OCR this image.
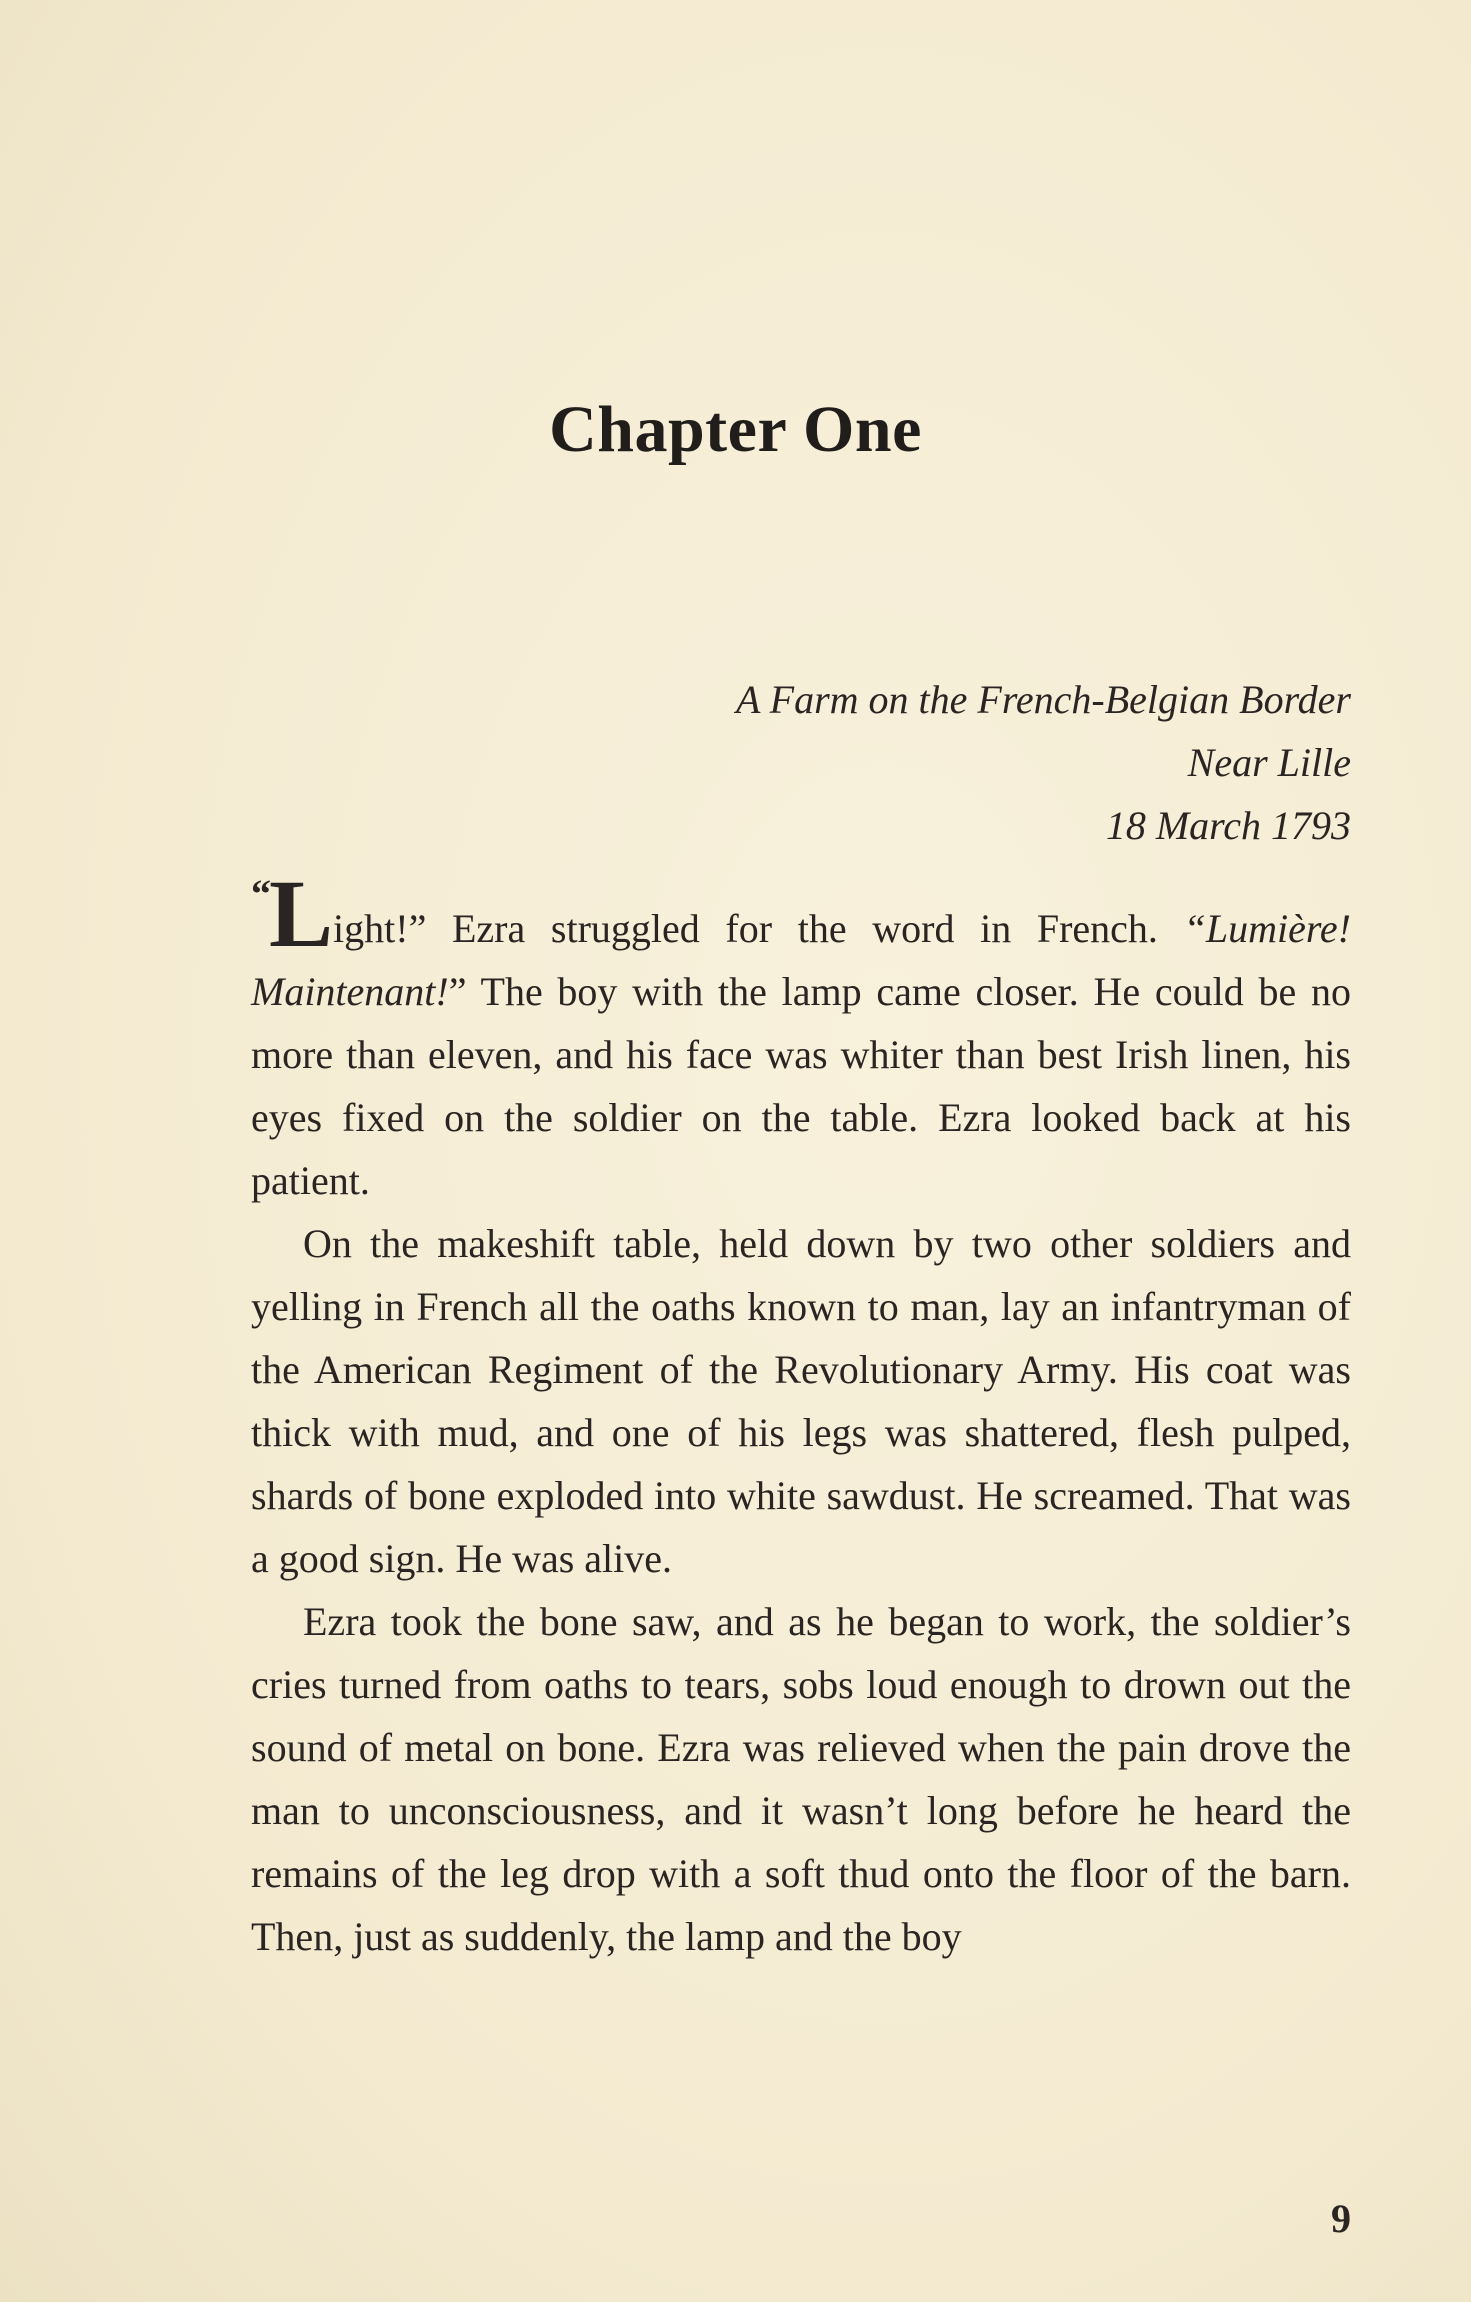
Chapter One
A Farm on the French-Belgian Border
Near Lille
18 March 1793

“Light!” Ezra struggled for the word in French. “Lumière! Maintenant!” The boy with the lamp came closer. He could be no more than eleven, and his face was whiter than best Irish linen, his eyes fixed on the soldier on the table. Ezra looked back at his patient.

On the makeshift table, held down by two other soldiers and yelling in French all the oaths known to man, lay an infantryman of the American Regiment of the Revolutionary Army. His coat was thick with mud, and one of his legs was shattered, flesh pulped, shards of bone exploded into white sawdust. He screamed. That was a good sign. He was alive.

Ezra took the bone saw, and as he began to work, the soldier’s cries turned from oaths to tears, sobs loud enough to drown out the sound of metal on bone. Ezra was relieved when the pain drove the man to unconsciousness, and it wasn’t long before he heard the remains of the leg drop with a soft thud onto the floor of the barn. Then, just as suddenly, the lamp and the boy

9
